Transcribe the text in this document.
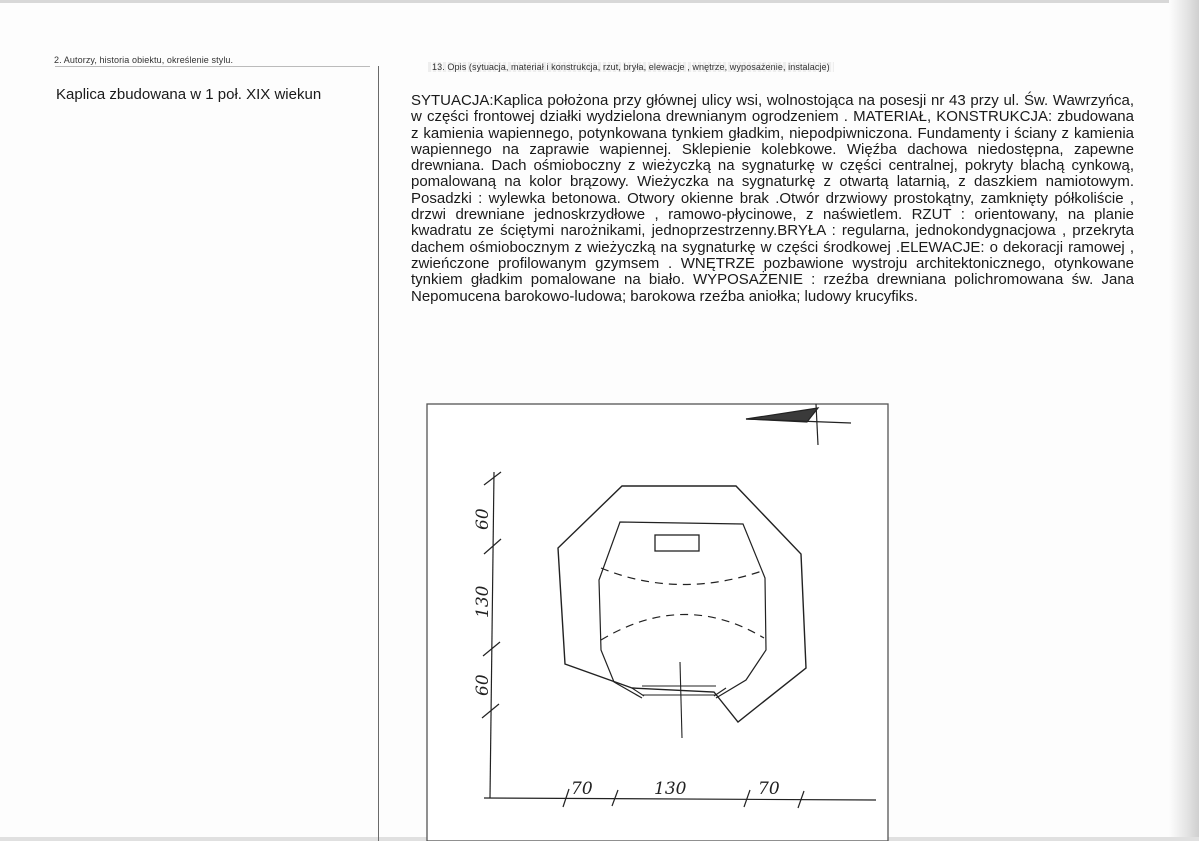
2. Autorzy, historia obiektu, określenie stylu.
13. Opis (sytuacja, materiał i konstrukcja, rzut, bryła, elewacje , wnętrze, wyposażenie, instalacje)
Kaplica zbudowana w 1 poł. XIX wiekun	SYTUACJA:Kaplica położona przy głównej ulicy wsi, wolnostojąca na posesji nr 43 przy ul. Św. Wawrzyńca, w części frontowej działki wydzielona drewnianym ogrodzeniem . MATERIAŁ, KONSTRUKCJA: zbudowana z kamienia wapiennego, potynkowana tynkiem gładkim, niepodpiwniczona. Fundamenty i ściany z kamienia wapiennego na zaprawie wapiennej. Sklepienie kolebkowe. Więźba dachowa niedostępna, zapewne drewniana. Dach ośmioboczny z wieżyczką na sygnaturkę w części centralnej, pokryty blachą cynkową, pomalowaną na kolor brązowy. Wieżyczka na sygnaturkę z otwartą latarnią, z daszkiem namiotowym. Posadzki : wylewka betonowa. Otwory okienne brak .Otwór drzwiowy prostokątny, zamknięty półkoliście , drzwi drewniane jednoskrzydłowe , ramowo-płycinowe, z naświetlem. RZUT : orientowany, na planie kwadratu ze ściętymi narożnikami, jednoprzestrzenny.BRYŁA : regularna, jednokondygnacjowa , przekryta dachem ośmiobocznym z wieżyczką na sygnaturkę w części środkowej .ELEWACJE: o dekoracji ramowej , zwieńczone profilowanym gzymsem . WNĘTRZE pozbawione wystroju architektonicznego, otynkowane tynkiem gładkim pomalowane na biało. WYPOSAŻENIE : rzeźba drewniana polichromowana św. Jana Nepomucena barokowo-ludowa; barokowa rzeźba aniołka; ludowy krucyfiks.
60
130
60
70	130	70
